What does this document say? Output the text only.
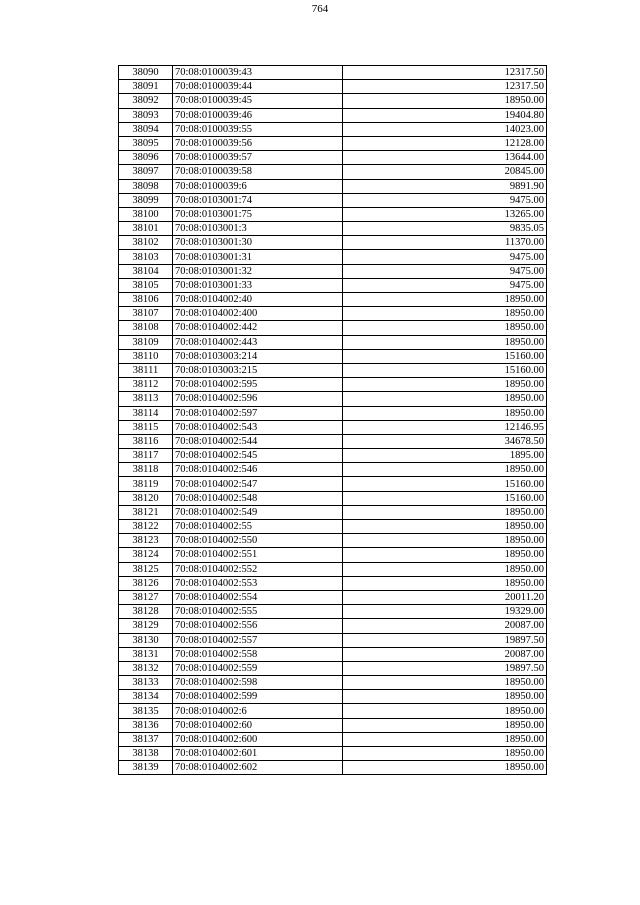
764
38090	70:08:0100039:43	12317.50
38091	70:08:0100039:44	12317.50
38092	70:08:0100039:45	18950.00
38093	70:08:0100039:46	19404.80
38094	70:08:0100039:55	14023.00
38095	70:08:0100039:56	12128.00
38096	70:08:0100039:57	13644.00
38097	70:08:0100039:58	20845.00
38098	70:08:0100039:6	9891.90
38099	70:08:0103001:74	9475.00
38100	70:08:0103001:75	13265.00
38101	70:08:0103001:3	9835.05
38102	70:08:0103001:30	11370.00
38103	70:08:0103001:31	9475.00
38104	70:08:0103001:32	9475.00
38105	70:08:0103001:33	9475.00
38106	70:08:0104002:40	18950.00
38107	70:08:0104002:400	18950.00
38108	70:08:0104002:442	18950.00
38109	70:08:0104002:443	18950.00
38110	70:08:0103003:214	15160.00
38111	70:08:0103003:215	15160.00
38112	70:08:0104002:595	18950.00
38113	70:08:0104002:596	18950.00
38114	70:08:0104002:597	18950.00
38115	70:08:0104002:543	12146.95
38116	70:08:0104002:544	34678.50
38117	70:08:0104002:545	1895.00
38118	70:08:0104002:546	18950.00
38119	70:08:0104002:547	15160.00
38120	70:08:0104002:548	15160.00
38121	70:08:0104002:549	18950.00
38122	70:08:0104002:55	18950.00
38123	70:08:0104002:550	18950.00
38124	70:08:0104002:551	18950.00
38125	70:08:0104002:552	18950.00
38126	70:08:0104002:553	18950.00
38127	70:08:0104002:554	20011.20
38128	70:08:0104002:555	19329.00
38129	70:08:0104002:556	20087.00
38130	70:08:0104002:557	19897.50
38131	70:08:0104002:558	20087.00
38132	70:08:0104002:559	19897.50
38133	70:08:0104002:598	18950.00
38134	70:08:0104002:599	18950.00
38135	70:08:0104002:6	18950.00
38136	70:08:0104002:60	18950.00
38137	70:08:0104002:600	18950.00
38138	70:08:0104002:601	18950.00
38139	70:08:0104002:602	18950.00
